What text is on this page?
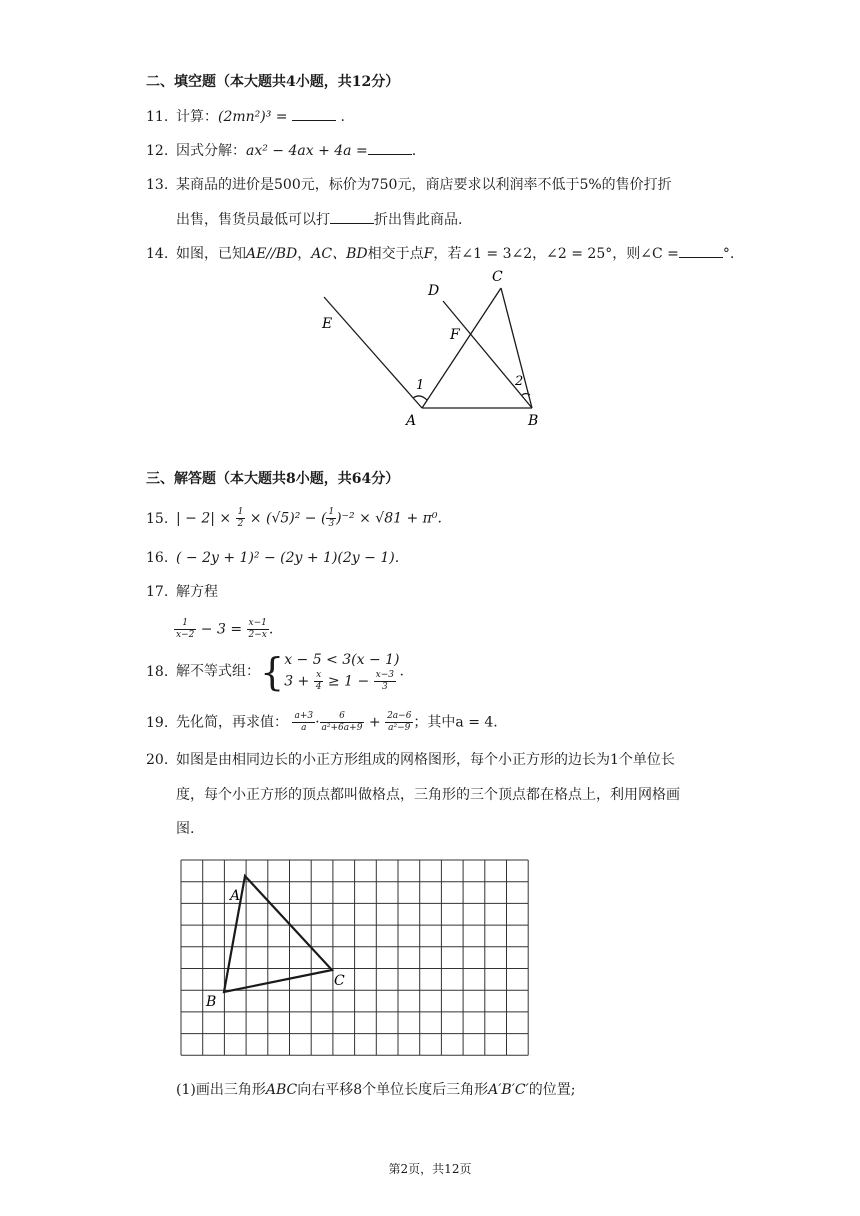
二、填空题（本大题共4小题，共12分）
11. 计算：(2mn²)³ =	.
12. 因式分解：ax² − 4ax + 4a =	.
13. 某商品的进价是500元，标价为750元，商店要求以利润率不低于5%的售价打折
出售，售货员最低可以打	折出售此商品.
14. 如图，已知AE//BD，AC、BD相交于点F，若∠1 = 3∠2，∠2 = 25°，则∠C =	°.
E
D
C
F
A	B
1	2
三、解答题（本大题共8小题，共64分）
15. | − $2| \times \frac{1}{2} \times (√5)^2$ − ( $\frac{1}{3} )^{-2} \times √81 + \pi^0$.
16. ( − 2y + 1)² − (2y + 1)(2y − 1).
17. 解方程
$\frac{1}{x-2} - 3 = \frac{x-1}{2-x}$ .
18. 解不等式组：{ x − 5 < 3(x − 1)
$3 + \frac{x}{4} \ge 1 - \frac{x-3}{3}$ .
19. 先化简，再求值： $\frac{a+3}{a} \cdot \frac{6}{\text{a²+6a+9}} + \frac{2a-6}{\text{a²−9}}$ ；其中a = 4.
20. 如图是由相同边长的小正方形组成的网格图形，每个小正方形的边长为1个单位长
度，每个小正方形的顶点都叫做格点，三角形的三个顶点都在格点上，利用网格画
图.
A
B
C
(1)画出三角形ABC向右平移8个单位长度后三角形A′B′C′的位置;
第2页，共12页
